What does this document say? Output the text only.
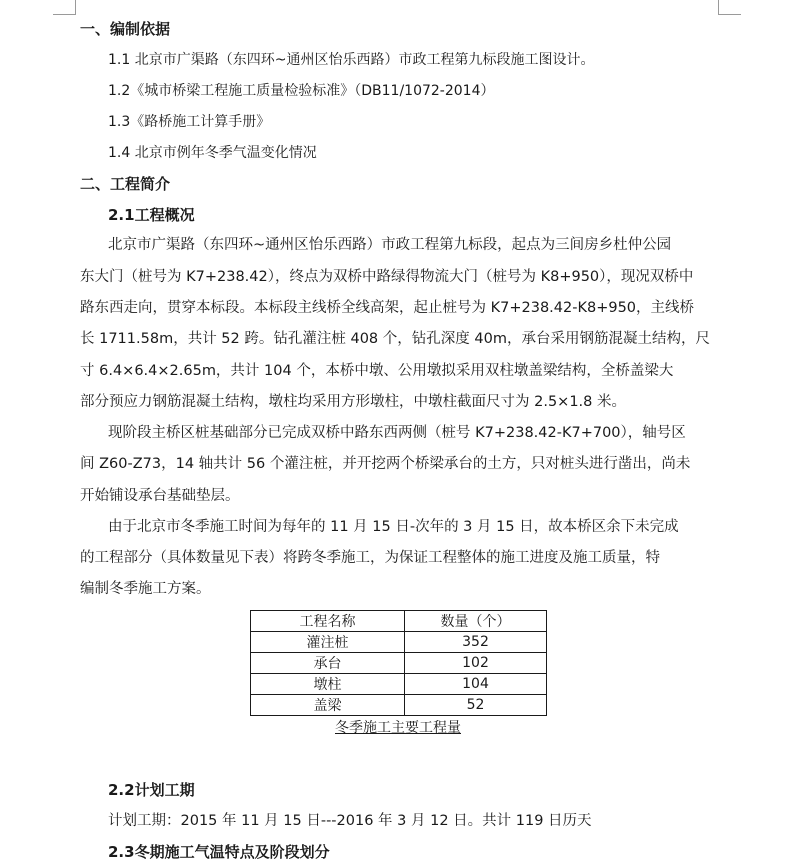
一、编制依据
1.1 北京市广渠路（东四环~通州区怡乐西路）市政工程第九标段施工图设计。
1.2《城市桥梁工程施工质量检验标准》（DB11/1072-2014）
1.3《路桥施工计算手册》
1.4 北京市例年冬季气温变化情况
二、工程简介
2.1工程概况
北京市广渠路（东四环~通州区怡乐西路）市政工程第九标段，起点为三间房乡杜仲公园
东大门（桩号为 K7+238.42），终点为双桥中路绿得物流大门（桩号为 K8+950），现况双桥中
路东西走向，贯穿本标段。本标段主线桥全线高架，起止桩号为 K7+238.42-K8+950，主线桥
长 1711.58m，共计 52 跨。钻孔灌注桩 408 个，钻孔深度 40m，承台采用钢筋混凝土结构，尺
寸 6.4×6.4×2.65m，共计 104 个，本桥中墩、公用墩拟采用双柱墩盖梁结构，全桥盖梁大
部分预应力钢筋混凝土结构，墩柱均采用方形墩柱，中墩柱截面尺寸为 2.5×1.8 米。
现阶段主桥区桩基础部分已完成双桥中路东西两侧（桩号 K7+238.42-K7+700），轴号区
间 Z60-Z73，14 轴共计 56 个灌注桩，并开挖两个桥梁承台的土方，只对桩头进行凿出，尚未
开始铺设承台基础垫层。
由于北京市冬季施工时间为每年的 11 月 15 日-次年的 3 月 15 日，故本桥区余下未完成
的工程部分（具体数量见下表）将跨冬季施工，为保证工程整体的施工进度及施工质量，特
编制冬季施工方案。
工程名称	数量（个）
灌注桩	352
承台	102
墩柱	104
盖梁	52
冬季施工主要工程量
2.2计划工期
计划工期：2015 年 11 月 15 日---2016 年 3 月 12 日。共计 119 日历天
2.3冬期施工气温特点及阶段划分
